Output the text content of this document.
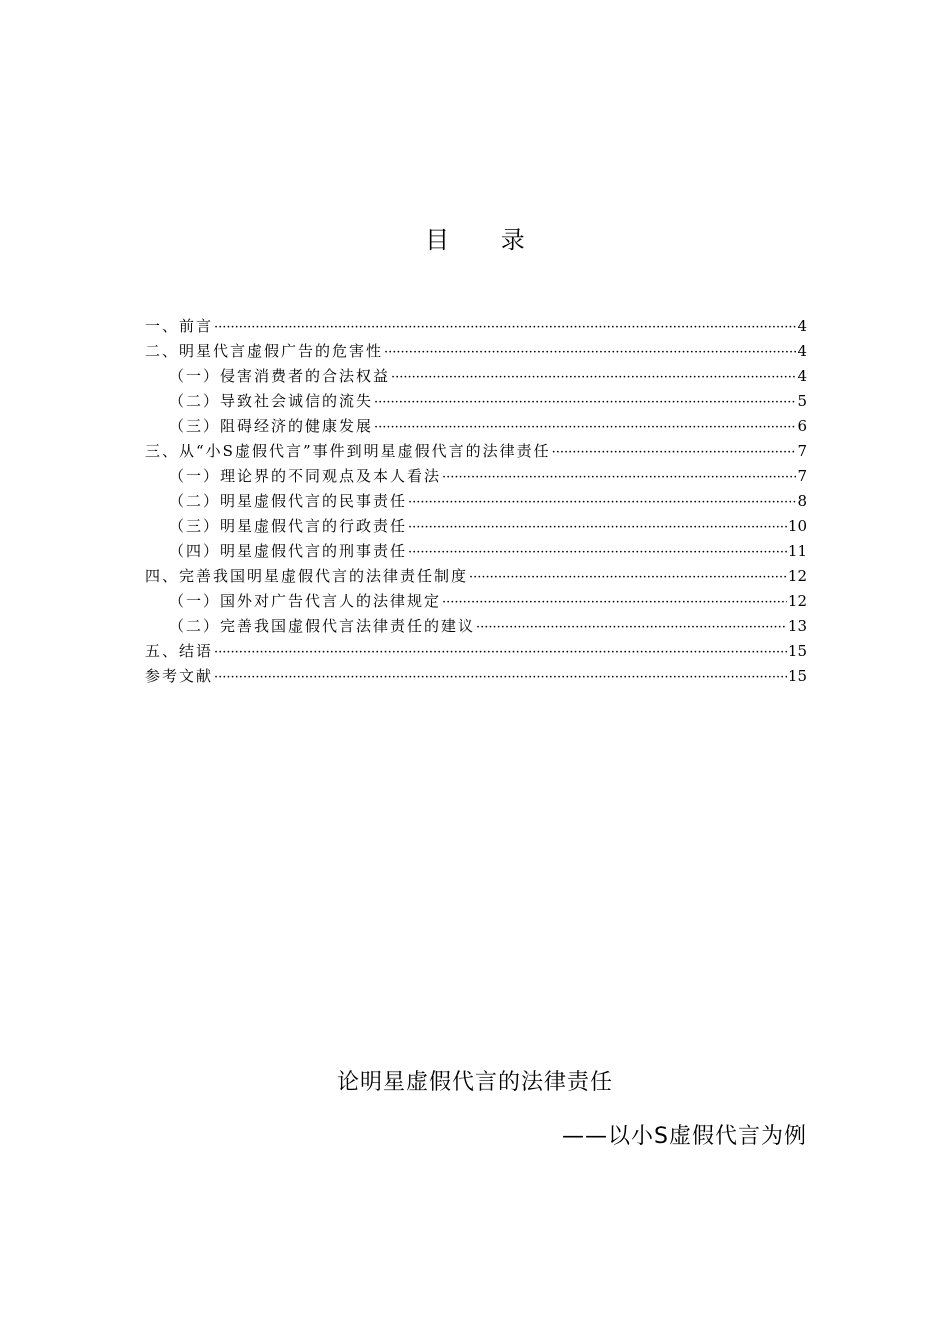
目 录
一、前言 ·····	4
二、明星代言虚假广告的危害性 ·····	4
（一）侵害消费者的合法权益 ·····	4
（二）导致社会诚信的流失 ·····	5
（三）阻碍经济的健康发展 ·····	6
三、从“小S虚假代言”事件到明星虚假代言的法律责任 ·····	7
（一）理论界的不同观点及本人看法 ·····	7
（二）明星虚假代言的民事责任 ·····	8
（三）明星虚假代言的行政责任 ·····	10
（四）明星虚假代言的刑事责任 ·····	11
四、完善我国明星虚假代言的法律责任制度 ·····	12
（一）国外对广告代言人的法律规定 ·····	12
（二）完善我国虚假代言法律责任的建议 ·····	13
五、结语 ·····	15
参考文献 ·····	15
论明星虚假代言的法律责任
——以小S虚假代言为例
